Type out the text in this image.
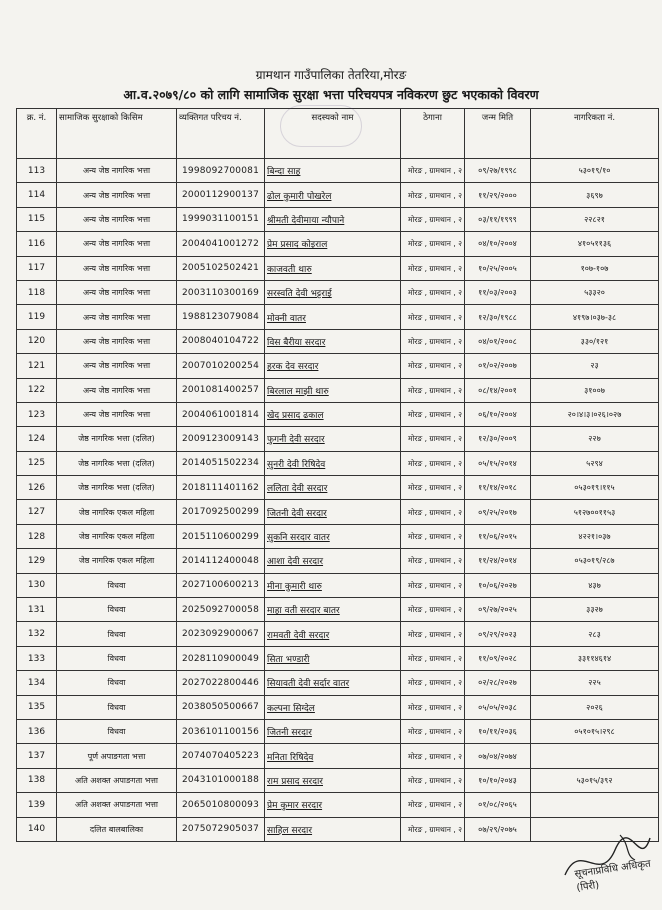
ग्रामथान गाउँपालिका तेतरिया,मोरङ
आ.व.२०७९/८० को लागि सामाजिक सुरक्षा भत्ता परिचयपत्र नविकरण छुट भएकाको विवरण
क्र. नं.	सामाजिक सुरक्षाको किसिम	व्यक्तिगत परिचय नं.	सदस्यको नाम	ठेगाना	जन्म मिति	नागरिकता नं.
113	अन्य जेष्ठ नागरिक भत्ता	1998092700081	बिन्दा साह	मोरङ , ग्रामथान , २	०९/२७/१९९८	५३०१९/१०
114	अन्य जेष्ठ नागरिक भत्ता	2000112900137	ढोल कुमारी पोखरेल	मोरङ , ग्रामथान , २	११/२९/२०००	३६९७
115	अन्य जेष्ठ नागरिक भत्ता	1999031100151	श्रीमती देवीमाया न्यौपाने	मोरङ , ग्रामथान , २	०३/११/१९९९	२२८२१
116	अन्य जेष्ठ नागरिक भत्ता	2004041001272	प्रेम प्रसाद कोइराल	मोरङ , ग्रामथान , २	०४/१०/२००४	४१०५११३६
117	अन्य जेष्ठ नागरिक भत्ता	2005102502421	काजवती थारु	मोरङ , ग्रामथान , २	१०/२५/२००५	१०७-१०७
118	अन्य जेष्ठ नागरिक भत्ता	2003110300169	सरस्वति देवी भट्टराई	मोरङ , ग्रामथान , २	११/०३/२००३	५३३२०
119	अन्य जेष्ठ नागरिक भत्ता	1988123079084	मोक्नी वातर	मोरङ , ग्रामथान , २	१२/३०/१९८८	४१९७।०३७-३८
120	अन्य जेष्ठ नागरिक भत्ता	2008040104722	विस बैरीया सरदार	मोरङ , ग्रामथान , २	०४/०१/२००८	३३०/१२१
121	अन्य जेष्ठ नागरिक भत्ता	2007010200254	हरक देव सरदार	मोरङ , ग्रामथान , २	०१/०२/२००७	२३
122	अन्य जेष्ठ नागरिक भत्ता	2001081400257	बिरलाल माझी थारु	मोरङ , ग्रामथान , २	०८/१४/२००१	३१००७
123	अन्य जेष्ठ नागरिक भत्ता	2004061001814	खेद प्रसाद ढकाल	मोरङ , ग्रामथान , २	०६/१०/२००४	२०।४।३।०२६।०२७
124	जेष्ठ नागरिक भत्ता (दलित)	2009123009143	फुगनी देवी सरदार	मोरङ , ग्रामथान , २	१२/३०/२००९	२२७
125	जेष्ठ नागरिक भत्ता (दलित)	2014051502234	सुनरी देवी रिषिदेव	मोरङ , ग्रामथान , २	०५/१५/२०१४	५२९४
126	जेष्ठ नागरिक भत्ता (दलित)	2018111401162	ललिता देवी सरदार	मोरङ , ग्रामथान , २	११/१४/२०१८	०५३०१९।११५
127	जेष्ठ नागरिक एकल महिला	2017092500299	जितनी देवी सरदार	मोरङ , ग्रामथान , २	०९/२५/२०१७	५१२७००११५३
128	जेष्ठ नागरिक एकल महिला	2015110600299	सुकनि सरदार वातर	मोरङ , ग्रामथान , २	११/०६/२०१५	४२२१।०३७
129	जेष्ठ नागरिक एकल महिला	2014112400048	आशा देवी सरदार	मोरङ , ग्रामथान , २	११/२४/२०१४	०५३०१९/२८७
130	विधवा	2027100600213	मीना कुमारी थारु	मोरङ , ग्रामथान , २	१०/०६/२०२७	४३७
131	विधवा	2025092700058	माहा वती सरदार बातर	मोरङ , ग्रामथान , २	०९/२७/२०२५	३३२७
132	विधवा	2023092900067	रामवती देवी सरदार	मोरङ , ग्रामथान , २	०९/२९/२०२३	२८३
133	विधवा	2028110900049	सिता भण्डारी	मोरङ , ग्रामथान , २	११/०९/२०२८	३३११४६१४
134	विधवा	2027022800446	सियावती देवी सर्दार वातर	मोरङ , ग्रामथान , २	०२/२८/२०२७	२२५
135	विधवा	2038050500667	कल्पना सिग्देल	मोरङ , ग्रामथान , २	०५/०५/२०३८	२०२६
136	विधवा	2036101100156	जितनी सरदार	मोरङ , ग्रामथान , २	१०/११/२०३६	०५१०१५।२९८
137	पूर्ण अपाङगता भत्ता	2074070405223	मनिता रिषिदेव	मोरङ , ग्रामथान , २	०७/०४/२०७४	
138	अति अशक्त अपाङगता भत्ता	2043101000188	राम प्रसाद सरदार	मोरङ , ग्रामथान , २	१०/१०/२०४३	५३०१५/३९२
139	अति अशक्त अपाङगता भत्ता	2065010800093	प्रेम कुमार सरदार	मोरङ , ग्रामथान , २	०१/०८/२०६५	
140	दलित बालबालिका	2075072905037	साहिल सरदार	मोरङ , ग्रामथान , २	०७/२९/२०७५	
सूचनाप्रविधि अधिकृत (पिरी)
